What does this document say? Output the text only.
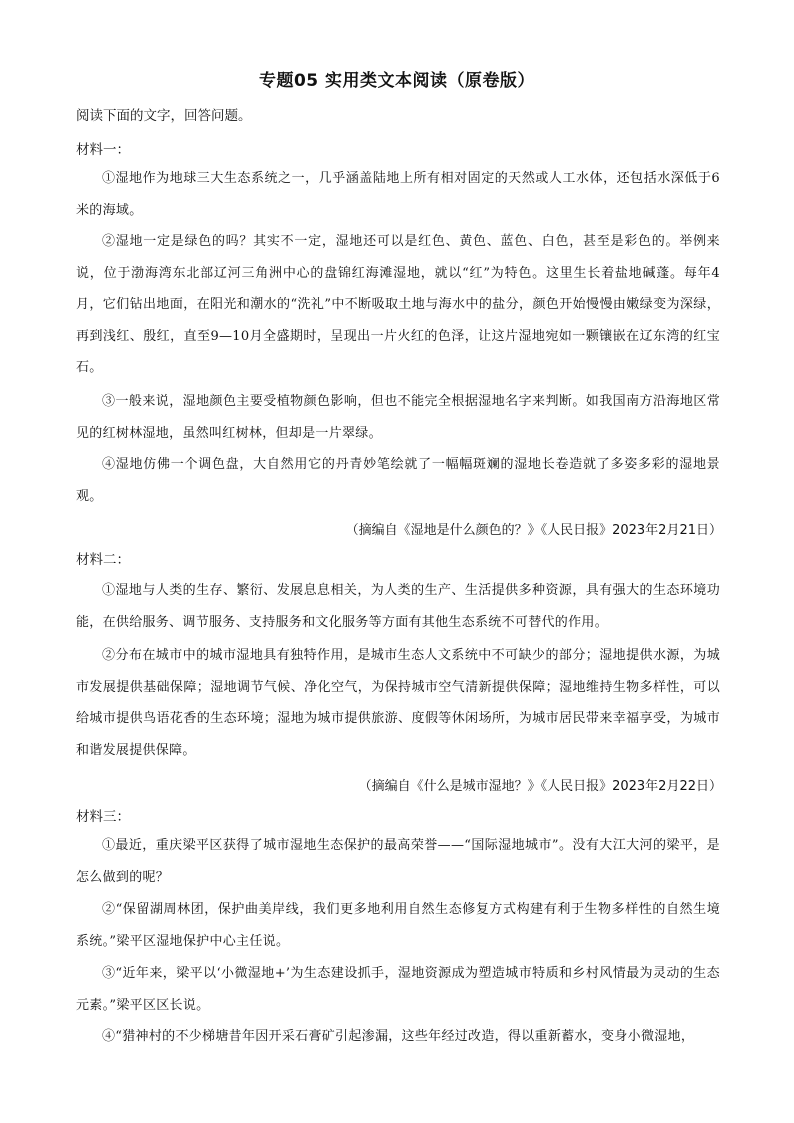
专题05 实用类文本阅读（原卷版）
阅读下面的文字，回答问题。
材料一：
①湿地作为地球三大生态系统之一，几乎涵盖陆地上所有相对固定的天然或人工水体，还包括水深低于6米的海域。
②湿地一定是绿色的吗？其实不一定，湿地还可以是红色、黄色、蓝色、白色，甚至是彩色的。举例来说，位于渤海湾东北部辽河三角洲中心的盘锦红海滩湿地，就以“红”为特色。这里生长着盐地碱蓬。每年4月，它们钻出地面，在阳光和潮水的“洗礼”中不断吸取土地与海水中的盐分，颜色开始慢慢由嫩绿变为深绿，再到浅红、殷红，直至9—10月全盛期时，呈现出一片火红的色泽，让这片湿地宛如一颗镶嵌在辽东湾的红宝石。
③一般来说，湿地颜色主要受植物颜色影响，但也不能完全根据湿地名字来判断。如我国南方沿海地区常见的红树林湿地，虽然叫红树林，但却是一片翠绿。
④湿地仿佛一个调色盘，大自然用它的丹青妙笔绘就了一幅幅斑斓的湿地长卷造就了多姿多彩的湿地景观。
（摘编自《湿地是什么颜色的？》《人民日报》2023年2月21日）
材料二：
①湿地与人类的生存、繁衍、发展息息相关，为人类的生产、生活提供多种资源，具有强大的生态环境功能，在供给服务、调节服务、支持服务和文化服务等方面有其他生态系统不可替代的作用。
②分布在城市中的城市湿地具有独特作用，是城市生态人文系统中不可缺少的部分；湿地提供水源，为城市发展提供基础保障；湿地调节气候、净化空气，为保持城市空气清新提供保障；湿地维持生物多样性，可以给城市提供鸟语花香的生态环境；湿地为城市提供旅游、度假等休闲场所，为城市居民带来幸福享受，为城市和谐发展提供保障。
（摘编自《什么是城市湿地？》《人民日报》2023年2月22日）
材料三：
①最近，重庆梁平区获得了城市湿地生态保护的最高荣誉——“国际湿地城市”。没有大江大河的梁平，是怎么做到的呢？
②“保留湖周林团，保护曲美岸线，我们更多地利用自然生态修复方式构建有利于生物多样性的自然生境系统。”梁平区湿地保护中心主任说。
③“近年来，梁平以‘小微湿地+’为生态建设抓手，湿地资源成为塑造城市特质和乡村风情最为灵动的生态元素。”梁平区区长说。
④“猎神村的不少梯塘昔年因开采石膏矿引起渗漏，这些年经过改造，得以重新蓄水，变身小微湿地，
